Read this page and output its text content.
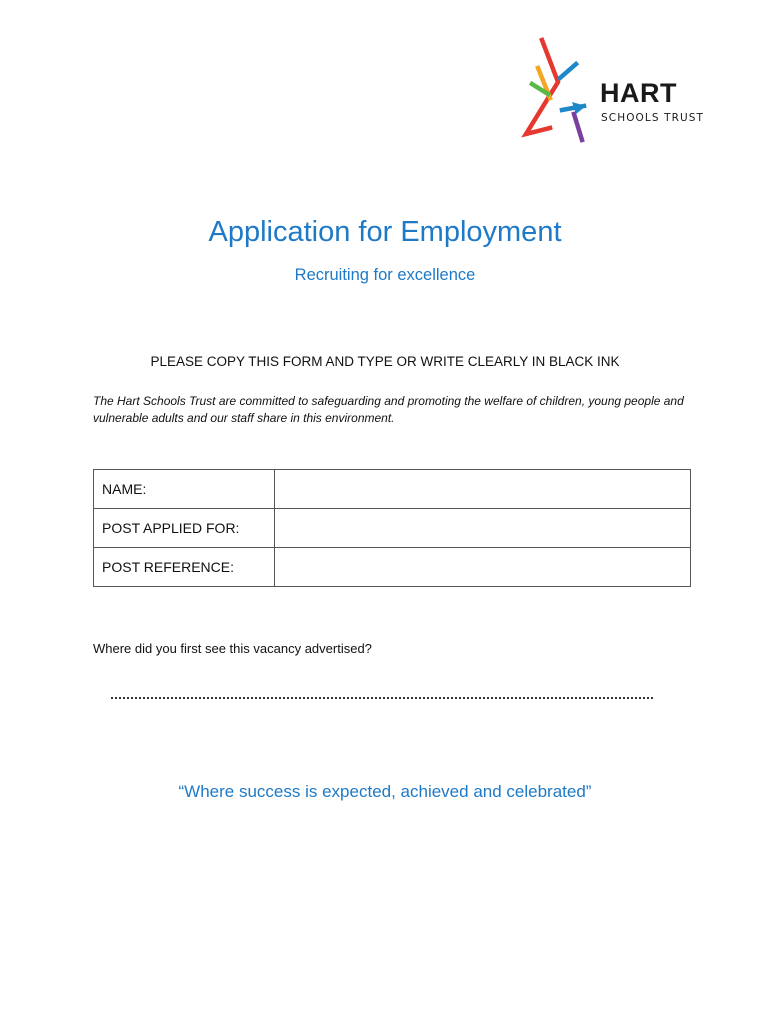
HART
SCHOOLS TRUST
Application for Employment
Recruiting for excellence
PLEASE COPY THIS FORM AND TYPE OR WRITE CLEARLY IN BLACK INK
The Hart Schools Trust are committed to safeguarding and promoting the welfare of children, young people and vulnerable adults and our staff share in this environment.
NAME:	
POST APPLIED FOR:	
POST REFERENCE:	
Where did you first see this vacancy advertised?
“Where success is expected, achieved and celebrated”
